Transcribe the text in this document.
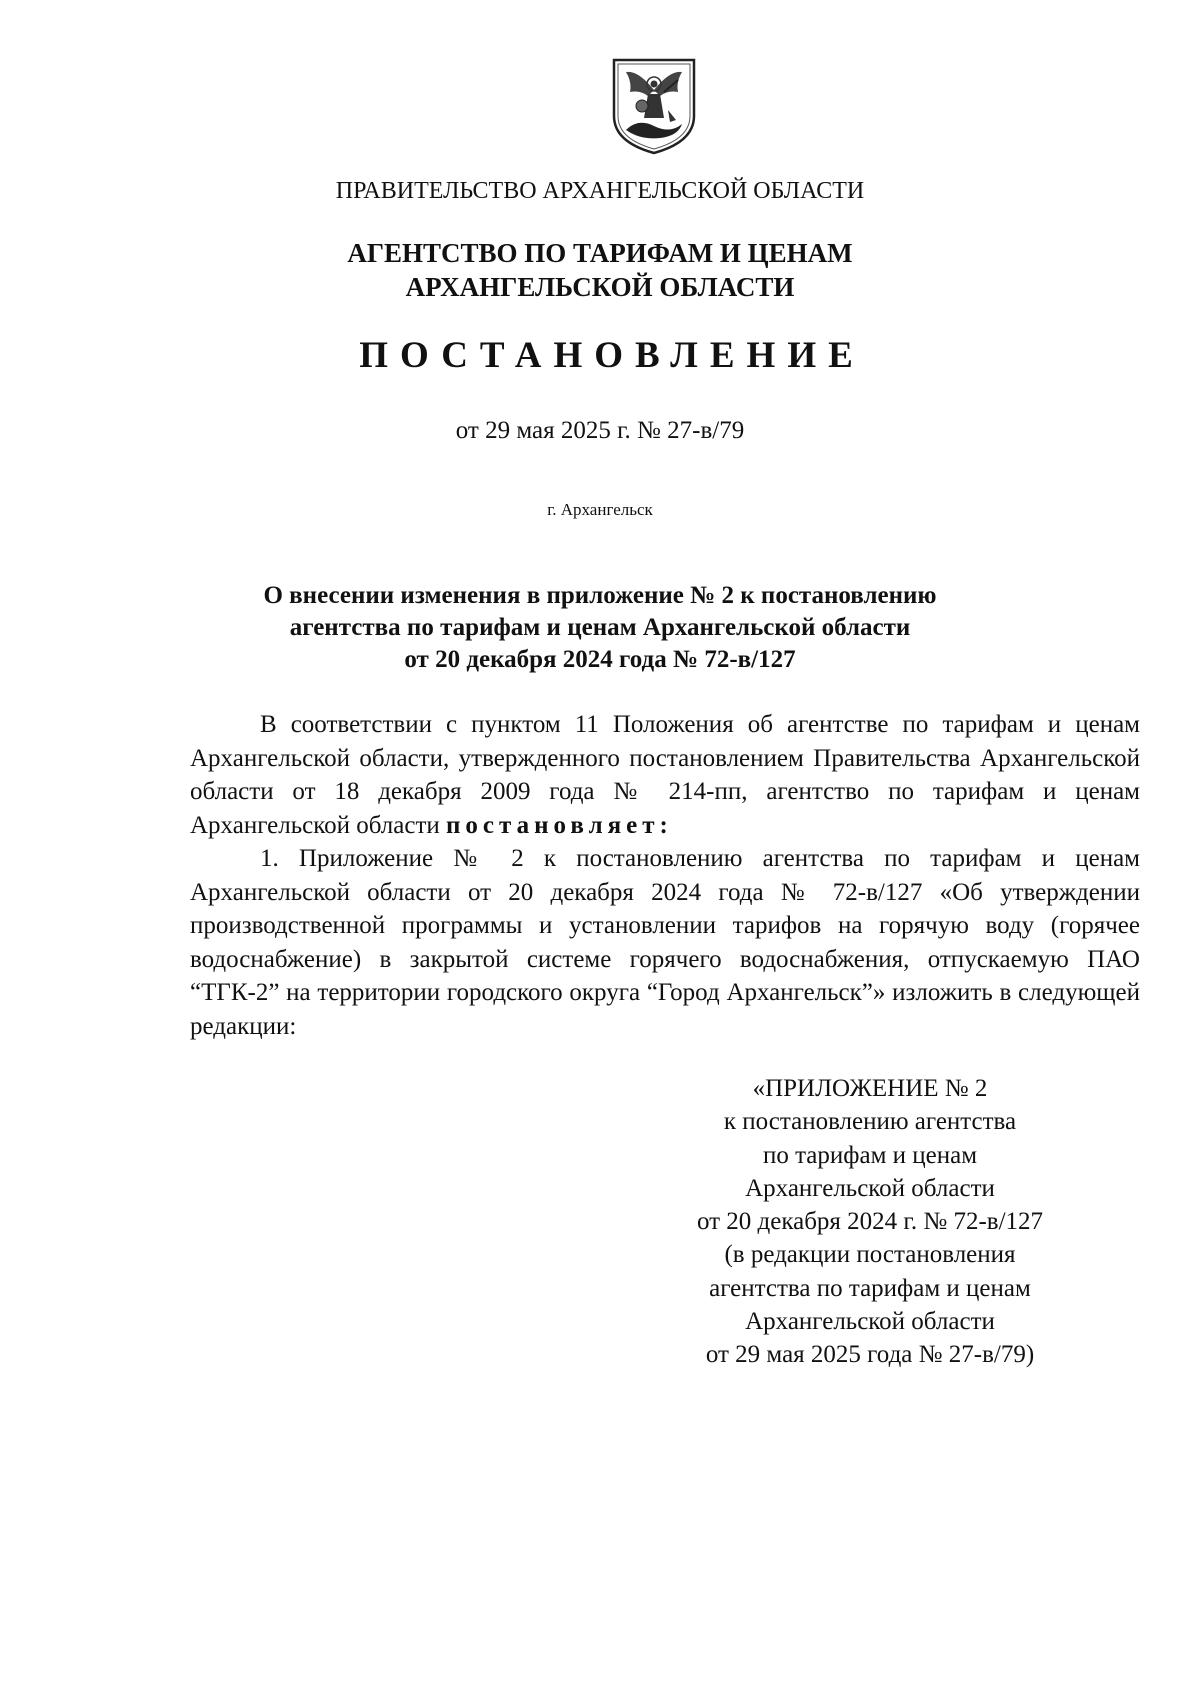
ПРАВИТЕЛЬСТВО АРХАНГЕЛЬСКОЙ ОБЛАСТИ
АГЕНТСТВО ПО ТАРИФАМ И ЦЕНАМ
АРХАНГЕЛЬСКОЙ ОБЛАСТИ
ПОСТАНОВЛЕНИЕ
от 29 мая 2025 г. № 27-в/79
г. Архангельск
О внесении изменения в приложение № 2 к постановлению
агентства по тарифам и ценам Архангельской области
от 20 декабря 2024 года № 72-в/127

В соответствии с пунктом 11 Положения об агентстве по тарифам и ценам Архангельской области, утвержденного постановлением Правительства Архангельской области от 18 декабря 2009 года № 214-пп, агентство по тарифам и ценам Архангельской области постановляет:

1. Приложение № 2 к постановлению агентства по тарифам и ценам Архангельской области от 20 декабря 2024 года № 72-в/127 «Об утверждении производственной программы и установлении тарифов на горячую воду (горячее водоснабжение) в закрытой системе горячего водоснабжения, отпускаемую ПАО “ТГК-2” на территории городского округа “Город Архангельск”» изложить в следующей редакции:

«ПРИЛОЖЕНИЕ № 2
к постановлению агентства
по тарифам и ценам
Архангельской области
от 20 декабря 2024 г. № 72-в/127
(в редакции постановления
агентства по тарифам и ценам
Архангельской области
от 29 мая 2025 года № 27-в/79)
